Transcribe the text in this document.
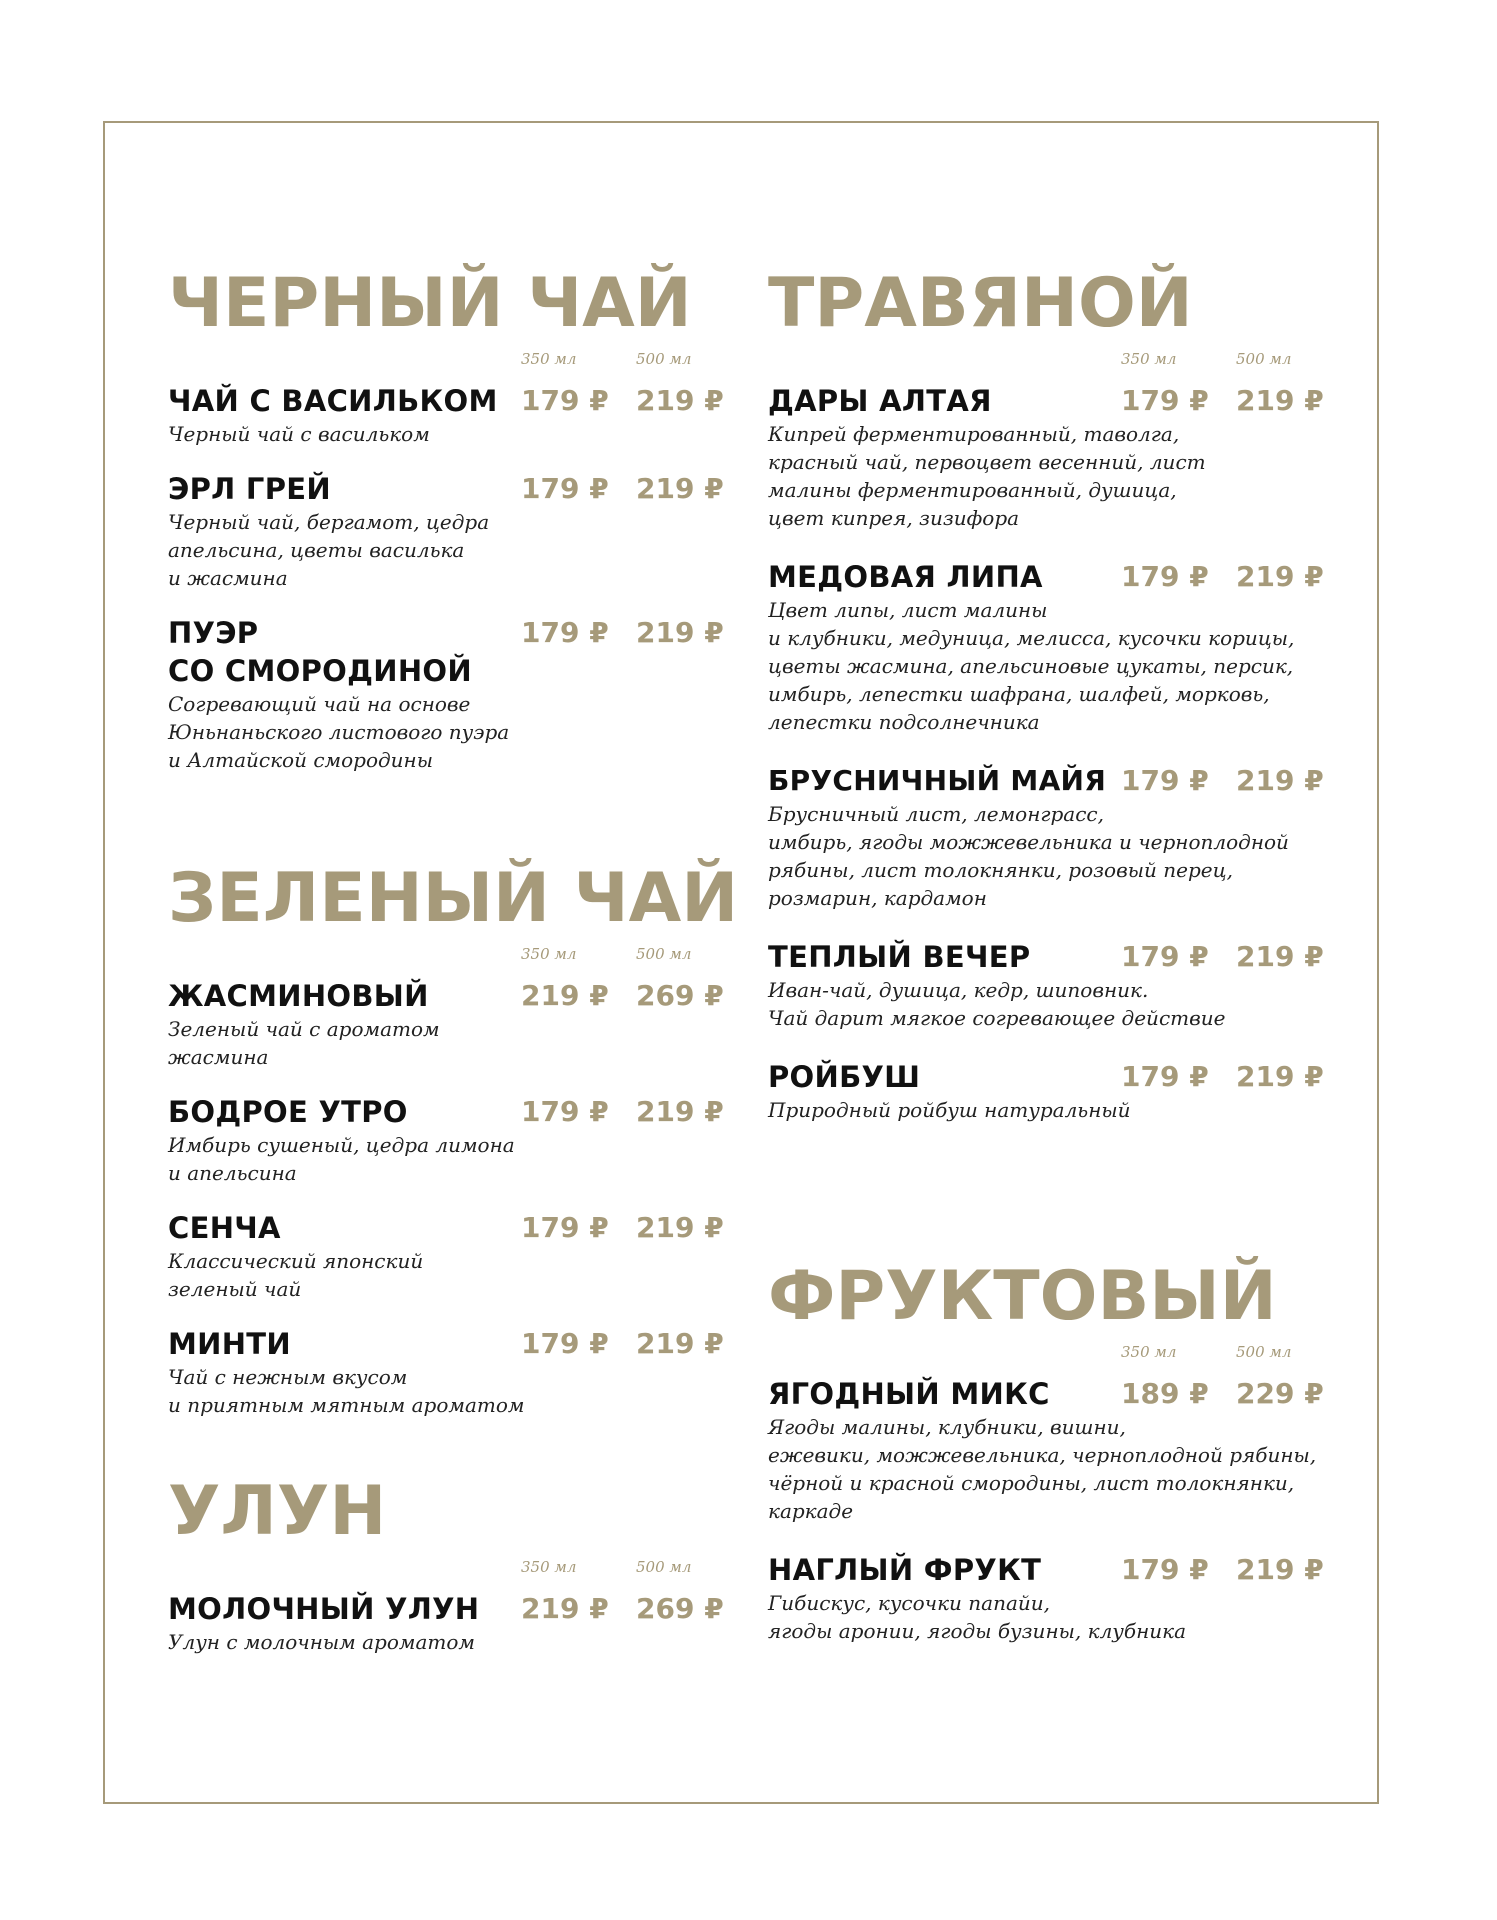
ЧЕРНЫЙ ЧАЙ
350 мл	500 мл
ЧАЙ С ВАСИЛЬКОМ 179 ₽ 219 ₽
Черный чай с васильком
ЭРЛ ГРЕЙ	179 ₽ 219 ₽
Черный чай, бергамот, цедра
апельсина, цветы василька
и жасмина
ПУЭР
СО СМОРОДИНОЙ
179 ₽ 219 ₽
Согревающий чай на основе
Юньнаньского листового пуэра
и Алтайской смородины
ЗЕЛЕНЫЙ ЧАЙ
350 мл	500 мл
ЖАСМИНОВЫЙ	219 ₽ 269 ₽
Зеленый чай с ароматом
жасмина
БОДРОЕ УТРО	179 ₽ 219 ₽
Имбирь сушеный, цедра лимона
и апельсина
СЕНЧА	179 ₽ 219 ₽
Классический японский
зеленый чай
МИНТИ	179 ₽ 219 ₽
Чай с нежным вкусом
и приятным мятным ароматом
УЛУН
350 мл	500 мл
МОЛОЧНЫЙ УЛУН	219 ₽ 269 ₽
Улун с молочным ароматом
ТРАВЯНОЙ
350 мл	500 мл
ДАРЫ АЛТАЯ	179 ₽ 219 ₽
Кипрей ферментированный, таволга,
красный чай, первоцвет весенний, лист
малины ферментированный, душица,
цвет кипрея, зизифора
МЕДОВАЯ ЛИПА	179 ₽ 219 ₽
Цвет липы, лист малины
и клубники, медуница, мелисса, кусочки корицы,
цветы жасмина, апельсиновые цукаты, персик,
имбирь, лепестки шафрана, шалфей, морковь,
лепестки подсолнечника
БРУСНИЧНЫЙ МАЙЯ 179 ₽ 219 ₽
Брусничный лист, лемонграсс,
имбирь, ягоды можжевельника и черноплодной
рябины, лист толокнянки, розовый перец,
розмарин, кардамон
ТЕПЛЫЙ ВЕЧЕР	179 ₽ 219 ₽
Иван-чай, душица, кедр, шиповник.
Чай дарит мягкое согревающее действие
РОЙБУШ	179 ₽ 219 ₽
Природный ройбуш натуральный
ФРУКТОВЫЙ
350 мл	500 мл
ЯГОДНЫЙ МИКС	189 ₽ 229 ₽
Ягоды малины, клубники, вишни,
ежевики, можжевельника, черноплодной рябины,
чёрной и красной смородины, лист толокнянки,
каркаде
НАГЛЫЙ ФРУКТ	179 ₽ 219 ₽
Гибискус, кусочки папайи,
ягоды аронии, ягоды бузины, клубника
